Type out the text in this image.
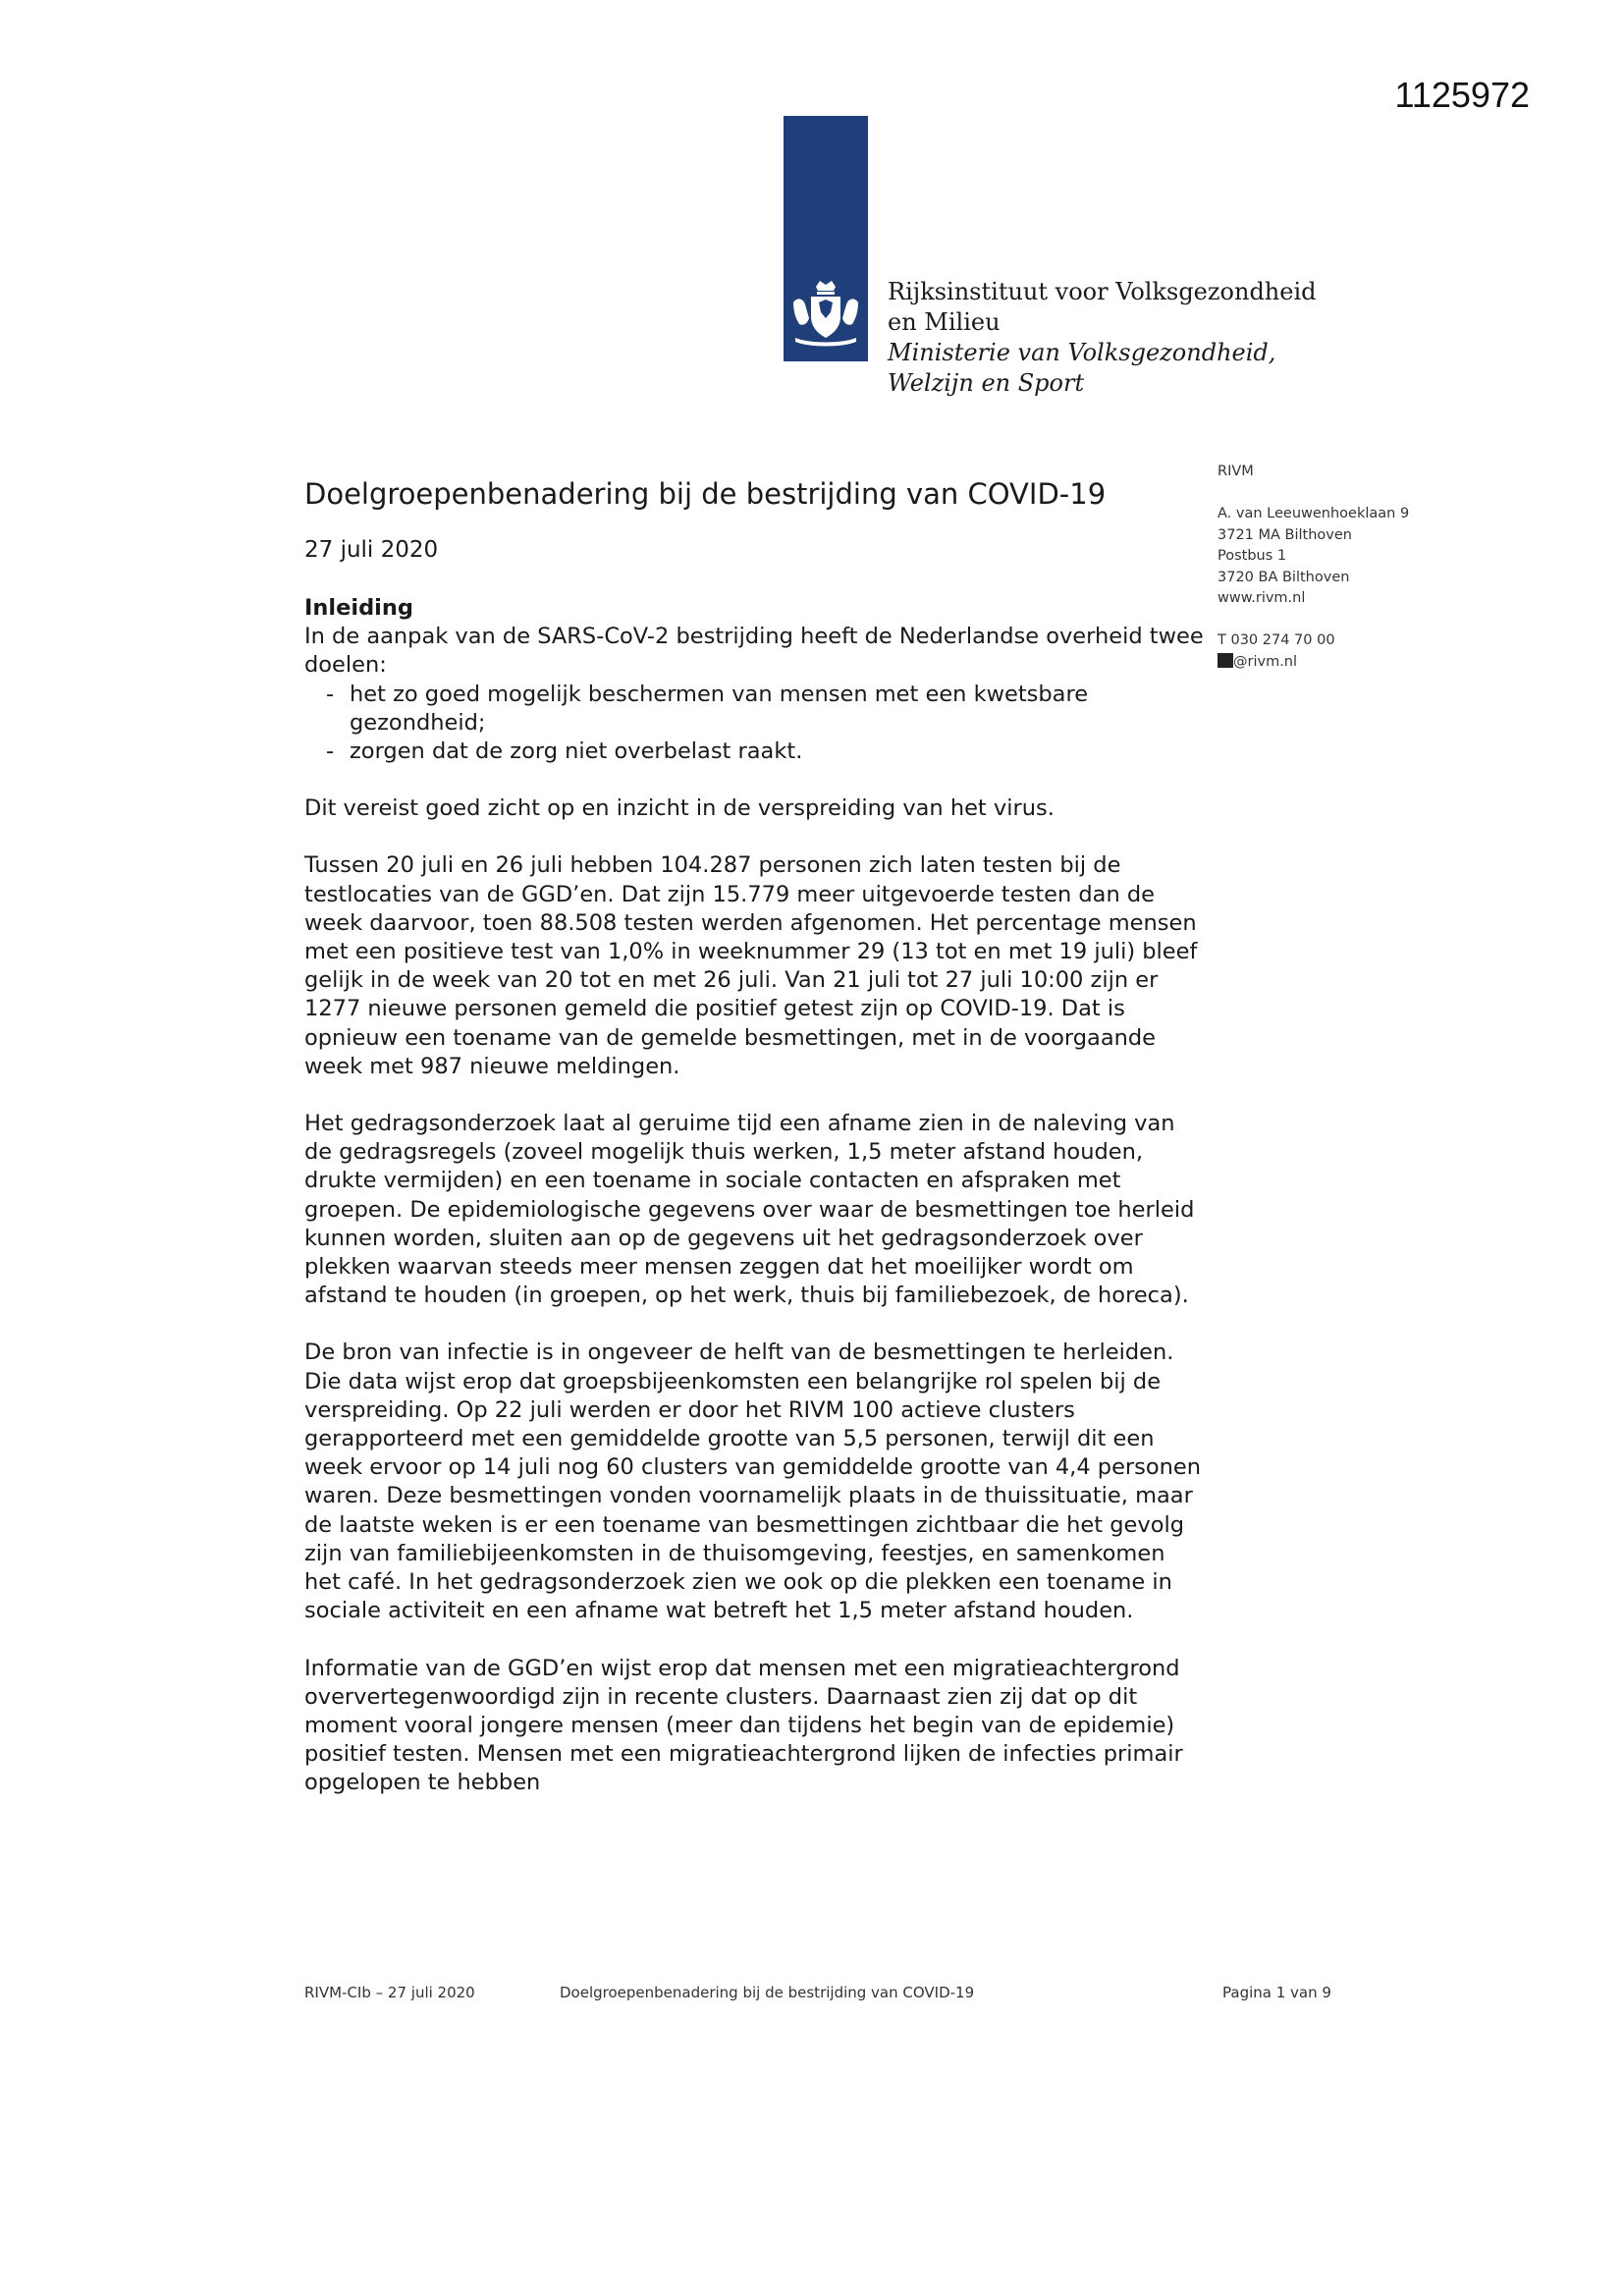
1125972
Rijksinstituut voor Volksgezondheid
en Milieu
Ministerie van Volksgezondheid,
Welzijn en Sport
RIVM
A. van Leeuwenhoeklaan 9
3721 MA Bilthoven
Postbus 1
3720 BA Bilthoven
www.rivm.nl
T 030 274 70 00
@rivm.nl
Doelgroepenbenadering bij de bestrijding van COVID-19
27 juli 2020
Inleiding
In de aanpak van de SARS-CoV-2 bestrijding heeft de Nederlandse overheid twee doelen:
- het zo goed mogelijk beschermen van mensen met een kwetsbare gezondheid;
- zorgen dat de zorg niet overbelast raakt.

Dit vereist goed zicht op en inzicht in de verspreiding van het virus.

Tussen 20 juli en 26 juli hebben 104.287 personen zich laten testen bij de testlocaties van de GGD’en. Dat zijn 15.779 meer uitgevoerde testen dan de week daarvoor, toen 88.508 testen werden afgenomen. Het percentage mensen met een positieve test van 1,0% in weeknummer 29 (13 tot en met 19 juli) bleef gelijk in de week van 20 tot en met 26 juli. Van 21 juli tot 27 juli 10:00 zijn er 1277 nieuwe personen gemeld die positief getest zijn op COVID-19. Dat is opnieuw een toename van de gemelde besmettingen, met in de voorgaande week met 987 nieuwe meldingen.

Het gedragsonderzoek laat al geruime tijd een afname zien in de naleving van de gedragsregels (zoveel mogelijk thuis werken, 1,5 meter afstand houden, drukte vermijden) en een toename in sociale contacten en afspraken met groepen. De epidemiologische gegevens over waar de besmettingen toe herleid kunnen worden, sluiten aan op de gegevens uit het gedragsonderzoek over plekken waarvan steeds meer mensen zeggen dat het moeilijker wordt om afstand te houden (in groepen, op het werk, thuis bij familiebezoek, de horeca).

De bron van infectie is in ongeveer de helft van de besmettingen te herleiden. Die data wijst erop dat groepsbijeenkomsten een belangrijke rol spelen bij de verspreiding. Op 22 juli werden er door het RIVM 100 actieve clusters gerapporteerd met een gemiddelde grootte van 5,5 personen, terwijl dit een week ervoor op 14 juli nog 60 clusters van gemiddelde grootte van 4,4 personen waren. Deze besmettingen vonden voornamelijk plaats in de thuissituatie, maar de laatste weken is er een toename van besmettingen zichtbaar die het gevolg zijn van familiebijeenkomsten in de thuisomgeving, feestjes, en samenkomen het café. In het gedragsonderzoek zien we ook op die plekken een toename in sociale activiteit en een afname wat betreft het 1,5 meter afstand houden.

Informatie van de GGD’en wijst erop dat mensen met een migratieachtergrond oververtegenwoordigd zijn in recente clusters. Daarnaast zien zij dat op dit moment vooral jongere mensen (meer dan tijdens het begin van de epidemie) positief testen. Mensen met een migratieachtergrond lijken de infecties primair opgelopen te hebben

RIVM-CIb – 27 juli 2020	Doelgroepenbenadering bij de bestrijding van COVID-19	Pagina 1 van 9
